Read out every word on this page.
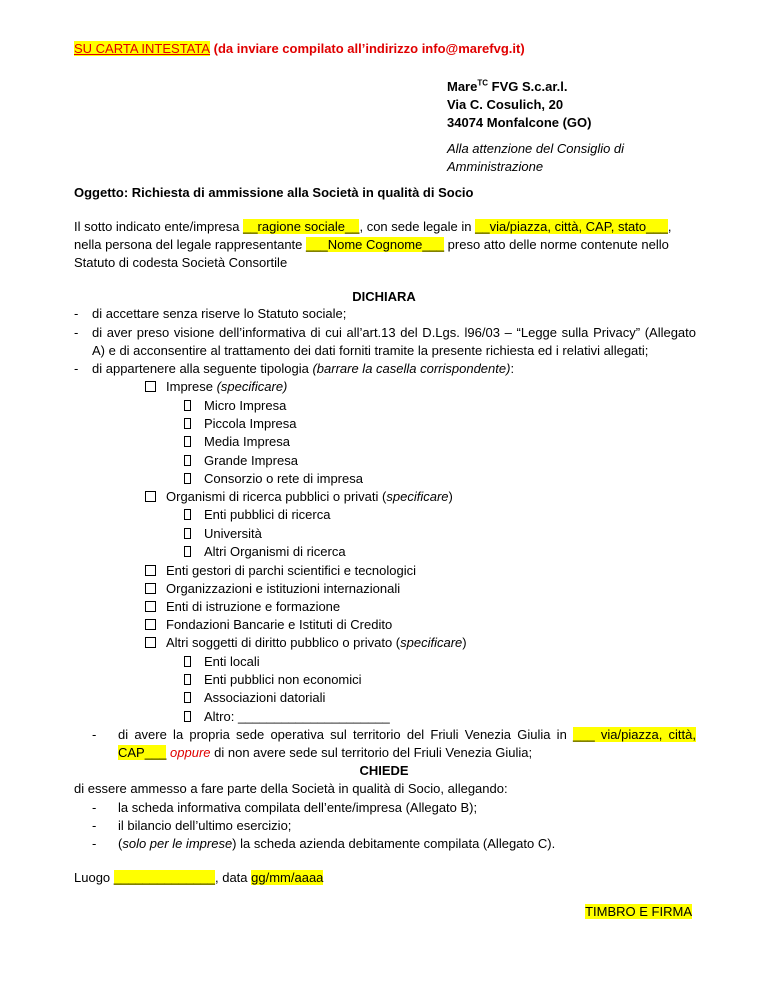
SU CARTA INTESTATA (da inviare compilato all’indirizzo info@marefvg.it)
Mare$^{TC}$ FVG S.c.ar.l.
Via C. Cosulich, 20
34074 Monfalcone (GO)
Alla attenzione del Consiglio di
Amministrazione
Oggetto: Richiesta di ammissione alla Società in qualità di Socio
Il sotto indicato ente/impresa __ragione sociale__, con sede legale in __via/piazza, città, CAP, stato___,
nella persona del legale rappresentante ___Nome Cognome___ preso atto delle norme contenute nello
Statuto di codesta Società Consortile
DICHIARA
- di accettare senza riserve lo Statuto sociale;
- di aver preso visione dell’informativa di cui all’art.13 del D.Lgs. l96/03 – “Legge sulla Privacy” (Allegato
A) e di acconsentire al trattamento dei dati forniti tramite la presente richiesta ed i relativi allegati;
- di appartenere alla seguente tipologia (barrare la casella corrispondente):
Imprese (specificare)
Micro Impresa
Piccola Impresa
Media Impresa
Grande Impresa
Consorzio o rete di impresa
Organismi di ricerca pubblici o privati (specificare)
Enti pubblici di ricerca
Università
Altri Organismi di ricerca
Enti gestori di parchi scientifici e tecnologici
Organizzazioni e istituzioni internazionali
Enti di istruzione e formazione
Fondazioni Bancarie e Istituti di Credito
Altri soggetti di diritto pubblico o privato (specificare)
Enti locali
Enti pubblici non economici
Associazioni datoriali
Altro: _____________________
- di avere la propria sede operativa sul territorio del Friuli Venezia Giulia in ___ via/piazza, città,
CAP___ oppure di non avere sede sul territorio del Friuli Venezia Giulia;
CHIEDE
di essere ammesso a fare parte della Società in qualità di Socio, allegando:
- la scheda informativa compilata dell’ente/impresa (Allegato B);
- il bilancio dell’ultimo esercizio;
- (solo per le imprese) la scheda azienda debitamente compilata (Allegato C).
Luogo ______________, data gg/mm/aaaa
TIMBRO E FIRMA
